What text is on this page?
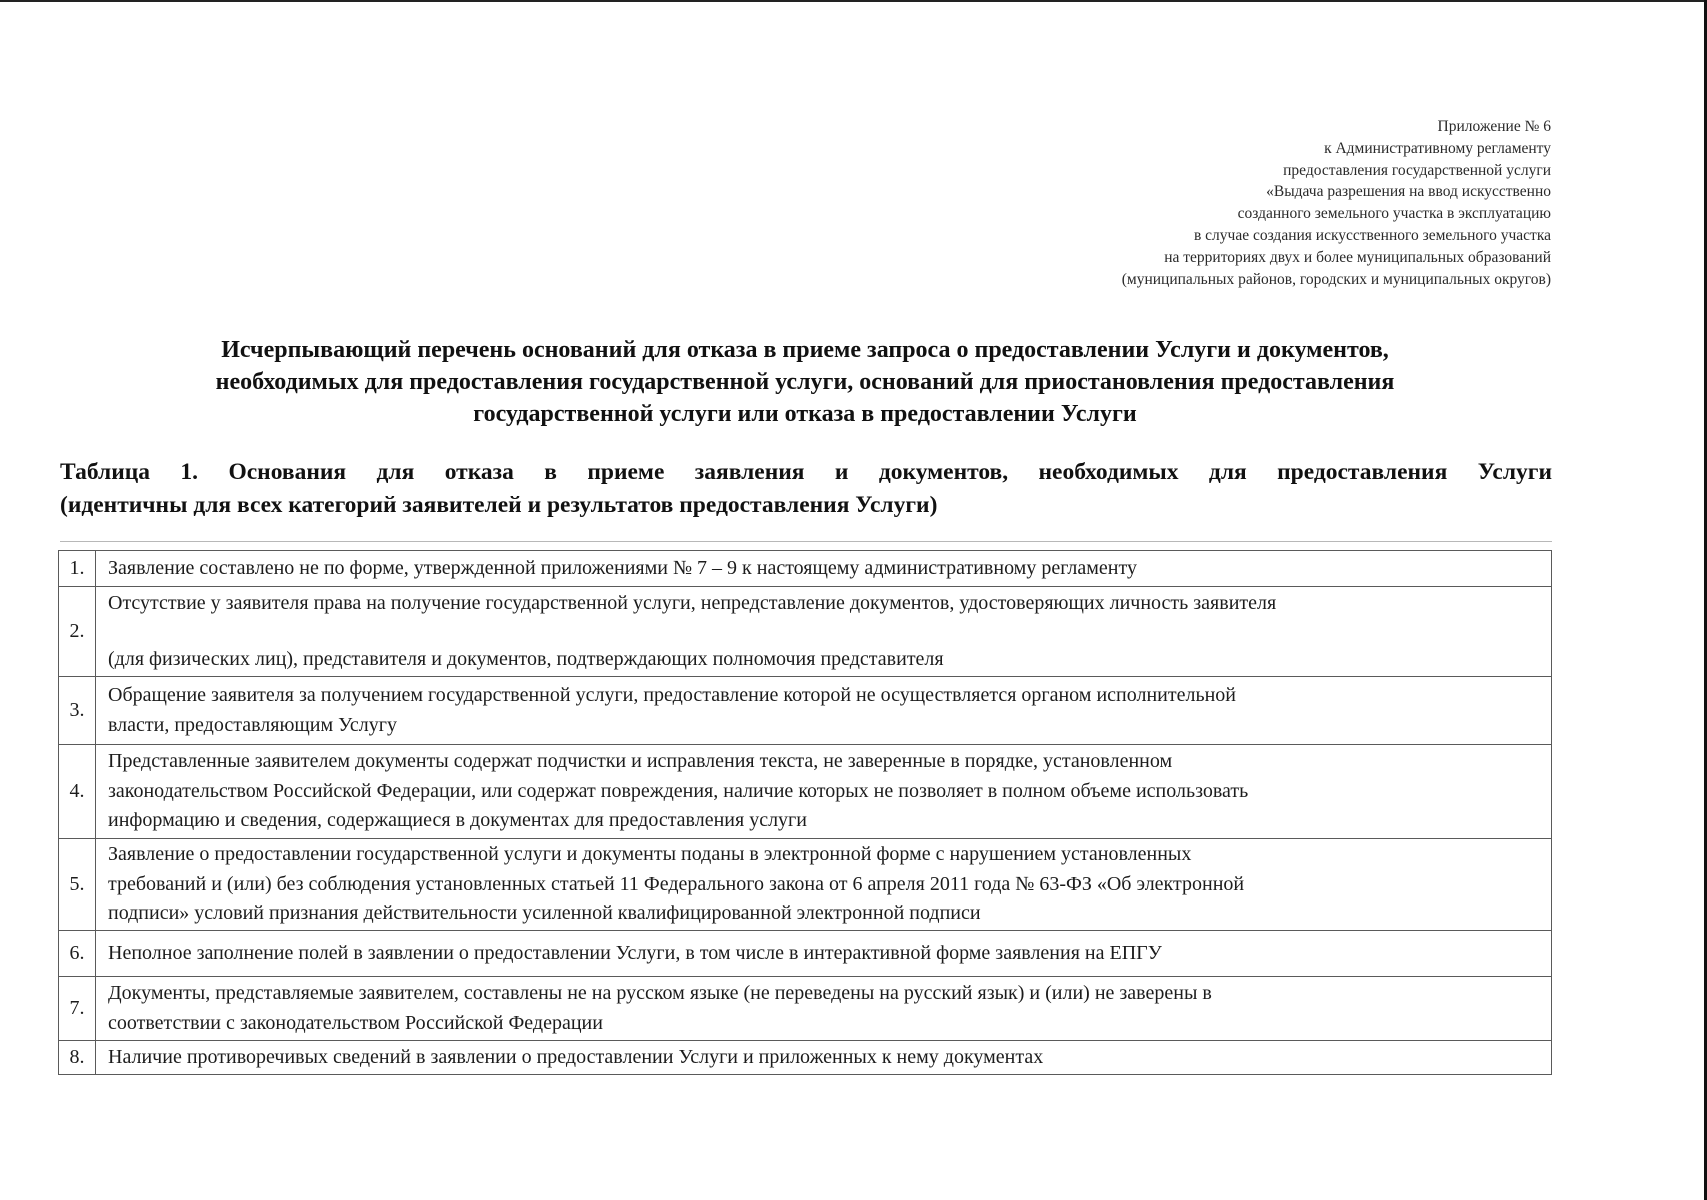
Приложение № 6
к Административному регламенту
предоставления государственной услуги
«Выдача разрешения на ввод искусственно
созданного земельного участка в эксплуатацию
в случае создания искусственного земельного участка
на территориях двух и более муниципальных образований
(муниципальных районов, городских и муниципальных округов)
Исчерпывающий перечень оснований для отказа в приеме запроса о предоставлении Услуги и документов,
необходимых для предоставления государственной услуги, оснований для приостановления предоставления
государственной услуги или отказа в предоставлении Услуги
Таблица 1. Основания для отказа в приеме заявления и документов, необходимых для предоставления Услуги
(идентичны для всех категорий заявителей и результатов предоставления Услуги)
1.	Заявление составлено не по форме, утвержденной приложениями № 7 – 9 к настоящему административному регламенту

2.	Отсутствие у заявителя права на получение государственной услуги, непредставление документов, удостоверяющих личность заявителя
(для физических лиц), представителя и документов, подтверждающих полномочия представителя

3.	Обращение заявителя за получением государственной услуги, предоставление которой не осуществляется органом исполнительной
власти, предоставляющим Услугу

4.	Представленные заявителем документы содержат подчистки и исправления текста, не заверенные в порядке, установленном
законодательством Российской Федерации, или содержат повреждения, наличие которых не позволяет в полном объеме использовать
информацию и сведения, содержащиеся в документах для предоставления услуги

5.	Заявление о предоставлении государственной услуги и документы поданы в электронной форме с нарушением установленных
требований и (или) без соблюдения установленных статьей 11 Федерального закона от 6 апреля 2011 года № 63-ФЗ «Об электронной
подписи» условий признания действительности усиленной квалифицированной электронной подписи

6.	Неполное заполнение полей в заявлении о предоставлении Услуги, в том числе в интерактивной форме заявления на ЕПГУ

7.	Документы, представляемые заявителем, составлены не на русском языке (не переведены на русский язык) и (или) не заверены в
соответствии с законодательством Российской Федерации

8.	Наличие противоречивых сведений в заявлении о предоставлении Услуги и приложенных к нему документах
